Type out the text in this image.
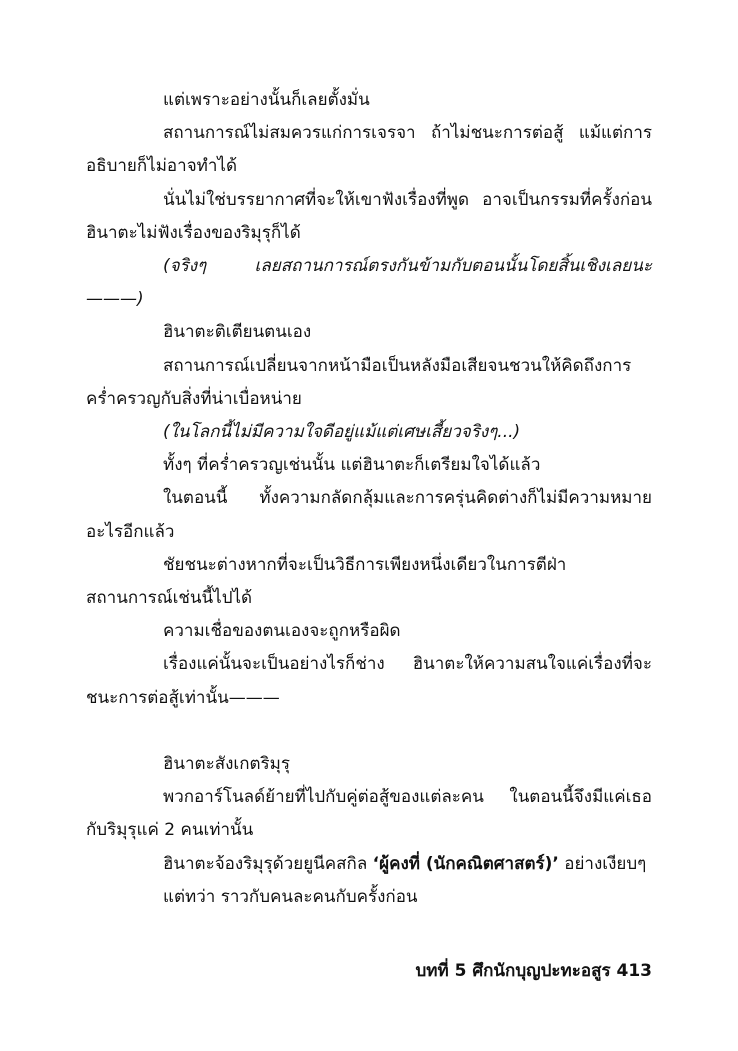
แต่เพราะอย่างนั้นก็เลยตั้งมั่น

สถานการณ์ไม่สมควรแก่การเจรจา ถ้าไม่ชนะการต่อสู้ แม้แต่การอธิบายก็ไม่อาจทำได้

นั่นไม่ใช่บรรยากาศที่จะให้เขาฟังเรื่องที่พูด อาจเป็นกรรมที่ครั้งก่อนฮินาตะไม่ฟังเรื่องของริมุรุก็ได้

(จริงๆ เลยสถานการณ์ตรงกันข้ามกับตอนนั้นโดยสิ้นเชิงเลยนะ———)

ฮินาตะติเตียนตนเอง

สถานการณ์เปลี่ยนจากหน้ามือเป็นหลังมือเสียจนชวนให้คิดถึงการคร่ำครวญกับสิ่งที่น่าเบื่อหน่าย

(ในโลกนี้ไม่มีความใจดีอยู่แม้แต่เศษเสี้ยวจริงๆ...)

ทั้งๆ ที่คร่ำครวญเช่นนั้น แต่ฮินาตะก็เตรียมใจได้แล้ว

ในตอนนี้ ทั้งความกลัดกลุ้มและการครุ่นคิดต่างก็ไม่มีความหมายอะไรอีกแล้ว

ชัยชนะต่างหากที่จะเป็นวิธีการเพียงหนึ่งเดียวในการตีฝ่าสถานการณ์เช่นนี้ไปได้

ความเชื่อของตนเองจะถูกหรือผิด

เรื่องแค่นั้นจะเป็นอย่างไรก็ช่าง ฮินาตะให้ความสนใจแค่เรื่องที่จะชนะการต่อสู้เท่านั้น———

ฮินาตะสังเกตริมุรุ

พวกอาร์โนลด์ย้ายที่ไปกับคู่ต่อสู้ของแต่ละคน ในตอนนี้จึงมีแค่เธอกับริมุรุแค่ 2 คนเท่านั้น

ฮินาตะจ้องริมุรุด้วยยูนีคสกิล ‘ผู้คงที่ (นักคณิตศาสตร์)’ อย่างเงียบๆ

แต่ทว่า ราวกับคนละคนกับครั้งก่อน

บทที่ 5 ศึกนักบุญปะทะอสูร 413
